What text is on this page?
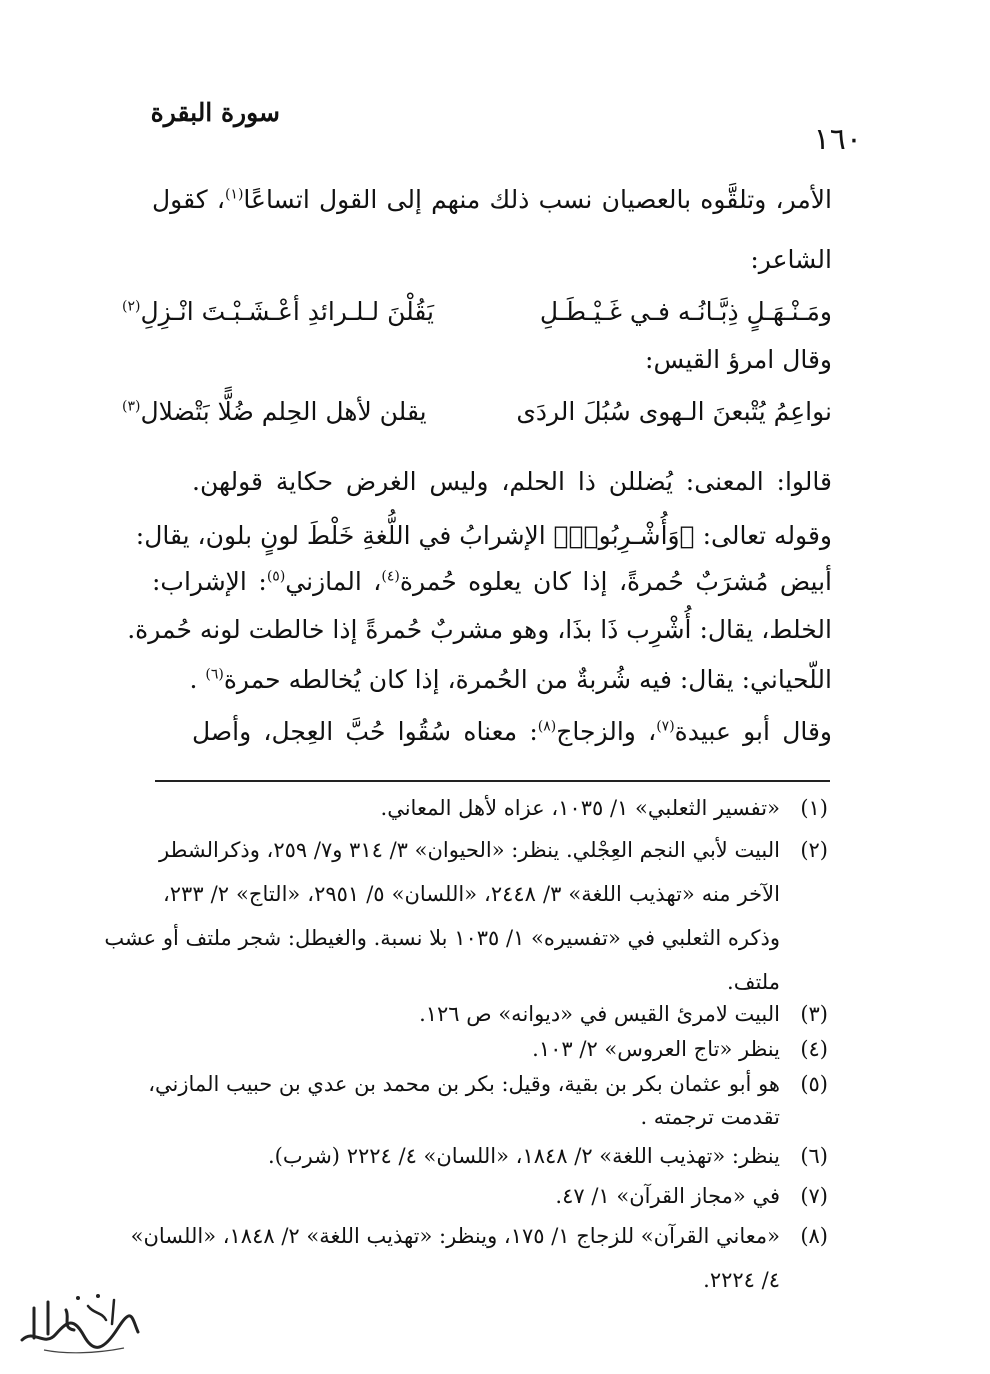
سورة البقرة
١٦٠
الأمر، وتلقَّوه بالعصيان نسب ذلك منهم إلى القول اتساعًا$^{(١)}$، كقول
الشاعر:
ومَـنْـهَـلٍ ذِبَّـانُـه فـي غَـيْـطَـلِ
يَقُلْنَ لـلـرائدِ أعْـشَـبْـتَ انْـزِلِ$^{(٢)}$
وقال امرؤ القيس:
نواعِمُ يُتْبعنَ الـهوى سُبُلَ الردَى
يقلن لأهل الحِلم ضُلًّا بَتْضلال$^{(٣)}$
قالوا: المعنى: يُضللن ذا الحلم، وليس الغرض حكاية قولهن.
وقوله تعالى: ﴿وَأُشْـرِبُوا۟﴾ الإشرابُ في اللُّغةِ خَلْطَ لونٍ بلون، يقال:
أبيض مُشرَبٌ حُمرةً، إذا كان يعلوه حُمرة$^{(٤)}$، المازني$^{(٥)}$: الإشراب:
الخلط، يقال: أُشْرِب ذَا بذَا، وهو مشربٌ حُمرةً إذا خالطت لونه حُمرة.
اللّحياني: يقال: فيه شُربةٌ من الحُمرة، إذا كان يُخالطه حمرة$^{(٦)}$ .
وقال أبو عبيدة$^{(٧)}$، والزجاج$^{(٨)}$: معناه سُقُوا حُبَّ العِجل، وأصل
(١)
«تفسير الثعلبي» ١/ ١٠٣٥، عزاه لأهل المعاني.
(٢)
البيت لأبي النجم العِجْلي. ينظر: «الحيوان» ٣/ ٣١٤ و٧/ ٢٥٩، وذكرالشطر
الآخر منه «تهذيب اللغة» ٣/ ٢٤٤٨، «اللسان» ٥/ ٢٩٥١، «التاج» ٢/ ٢٣٣،
وذكره الثعلبي في «تفسيره» ١/ ١٠٣٥ بلا نسبة. والغيطل: شجر ملتف أو عشب
ملتف.
(٣)
البيت لامرئ القيس في «ديوانه» ص ١٢٦.
(٤)
ينظر «تاج العروس» ٢/ ١٠٣.
(٥)
هو أبو عثمان بكر بن بقية، وقيل: بكر بن محمد بن عدي بن حبيب المازني،
تقدمت ترجمته .
(٦)
ينظر: «تهذيب اللغة» ٢/ ١٨٤٨، «اللسان» ٤/ ٢٢٢٤ (شرب).
(٧)
في «مجاز القرآن» ١/ ٤٧.
(٨)
«معاني القرآن» للزجاج ١/ ١٧٥، وينظر: «تهذيب اللغة» ٢/ ١٨٤٨، «اللسان»
٤/ ٢٢٢٤.
